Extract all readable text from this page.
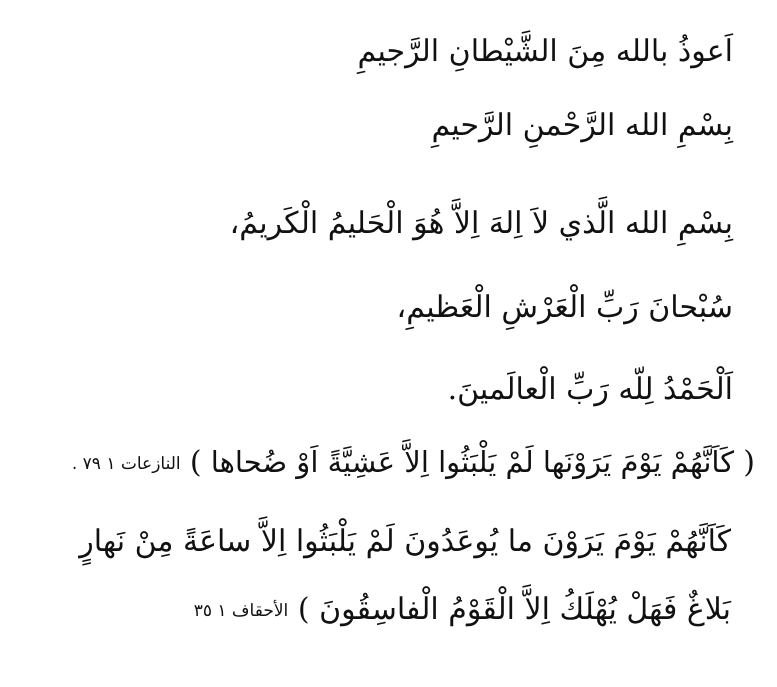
اَعوذُ بالله مِنَ الشَّيْطانِ الرَّجيمِ
بِسْمِ الله الرَّحْمنِ الرَّحيمِ
بِسْمِ الله الَّذي لاَ اِلهَ اِلاَّ هُوَ الْحَليمُ الْكَريمُ،
سُبْحانَ رَبِّ الْعَرْشِ الْعَظيمِ،
اَلْحَمْدُ لِلّه رَبِّ الْعالَمينَ.
( كَاَنَّهُمْ يَوْمَ يَرَوْنَها لَمْ يَلْبَثُوا اِلاَّ عَشِيَّةً اَوْ ضُحاها ) النازعات ١ ٧٩ .
كَاَنَّهُمْ يَوْمَ يَرَوْنَ ما يُوعَدُونَ لَمْ يَلْبَثُوا اِلاَّ ساعَةً مِنْ نَهارٍ
بَلاغٌ فَهَلْ يُهْلَكُ اِلاَّ الْقَوْمُ الْفاسِقُونَ ) الأحقاف ١ ٣٥
